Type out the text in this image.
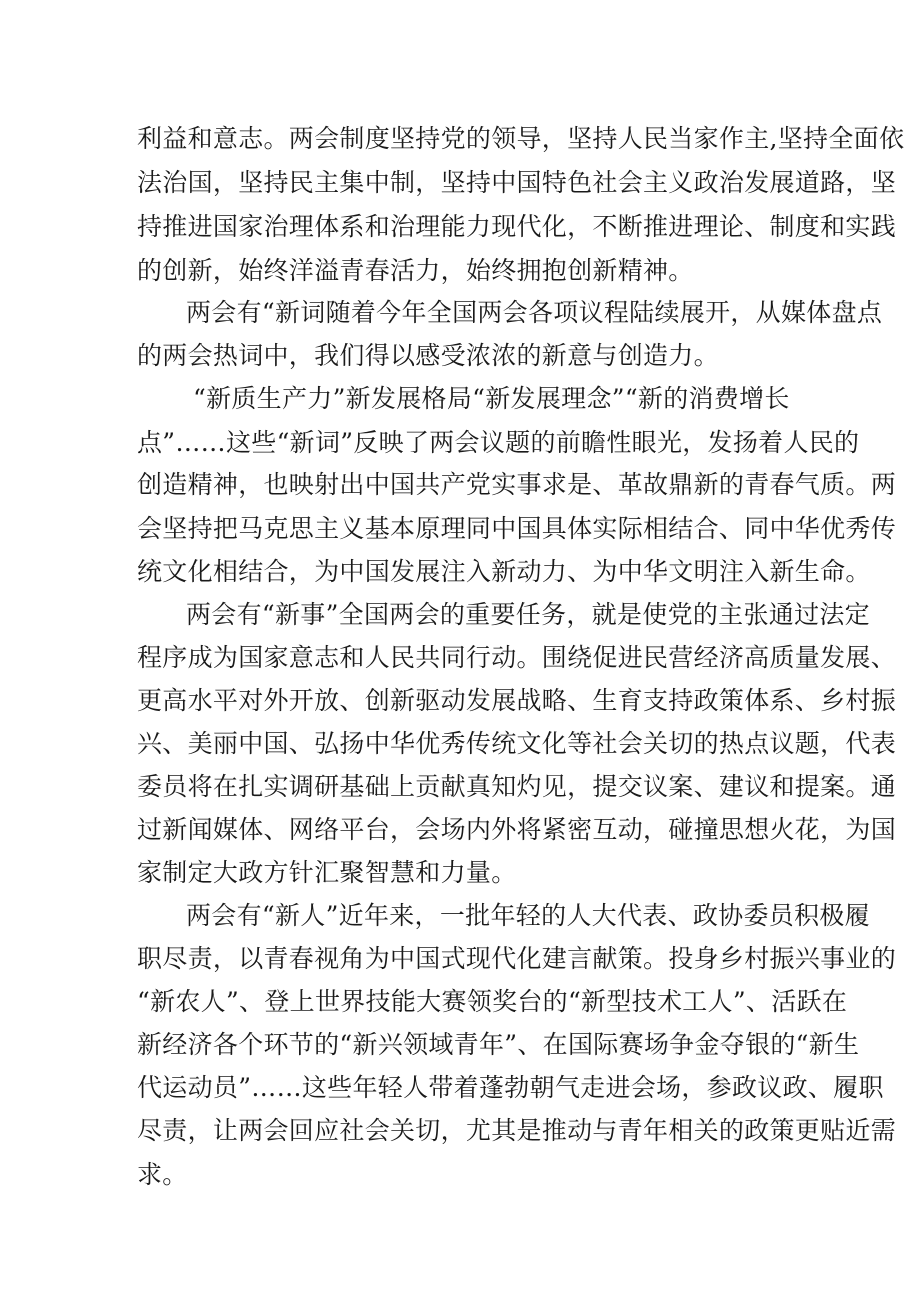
利益和意志。两会制度坚持党的领导，坚持人民当家作主,坚持全面依
法治国，坚持民主集中制，坚持中国特色社会主义政治发展道路，坚
持推进国家治理体系和治理能力现代化，不断推进理论、制度和实践
的创新，始终洋溢青春活力，始终拥抱创新精神。
两会有“新词随着今年全国两会各项议程陆续展开，从媒体盘点
的两会热词中，我们得以感受浓浓的新意与创造力。
“新质生产力”新发展格局“新发展理念”“新的消费增长
点”……这些“新词”反映了两会议题的前瞻性眼光，发扬着人民的
创造精神，也映射出中国共产党实事求是、革故鼎新的青春气质。两
会坚持把马克思主义基本原理同中国具体实际相结合、同中华优秀传
统文化相结合，为中国发展注入新动力、为中华文明注入新生命。
两会有“新事”全国两会的重要任务，就是使党的主张通过法定
程序成为国家意志和人民共同行动。围绕促进民营经济高质量发展、
更高水平对外开放、创新驱动发展战略、生育支持政策体系、乡村振
兴、美丽中国、弘扬中华优秀传统文化等社会关切的热点议题，代表
委员将在扎实调研基础上贡献真知灼见，提交议案、建议和提案。通
过新闻媒体、网络平台，会场内外将紧密互动，碰撞思想火花，为国
家制定大政方针汇聚智慧和力量。
两会有“新人”近年来，一批年轻的人大代表、政协委员积极履
职尽责，以青春视角为中国式现代化建言献策。投身乡村振兴事业的
“新农人”、登上世界技能大赛领奖台的“新型技术工人”、活跃在
新经济各个环节的“新兴领域青年”、在国际赛场争金夺银的“新生
代运动员”……这些年轻人带着蓬勃朝气走进会场，参政议政、履职
尽责，让两会回应社会关切，尤其是推动与青年相关的政策更贴近需
求。
